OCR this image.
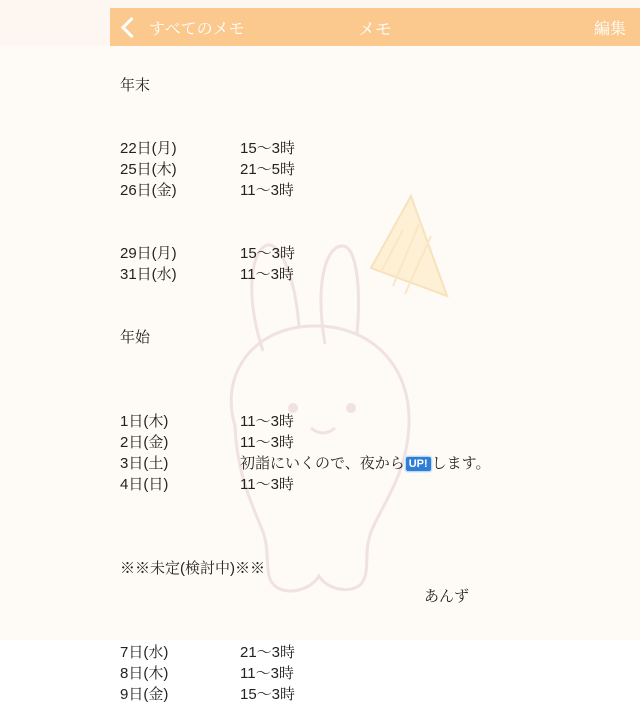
すべてのメモ	メモ	編集
年末
22日(月)	15～3時
25日(木)	21～5時
26日(金)	11～3時
29日(月)	15～3時
31日(水)	11～3時
年始
1日(木)	11～3時
2日(金)	11～3時
3日(土)	初詣にいくので、夜から UP! します。
4日(日)	11～3時
※※未定(検討中)※※
7日(水)	21～3時
8日(木)	11～3時
9日(金)	15～3時
あんず
